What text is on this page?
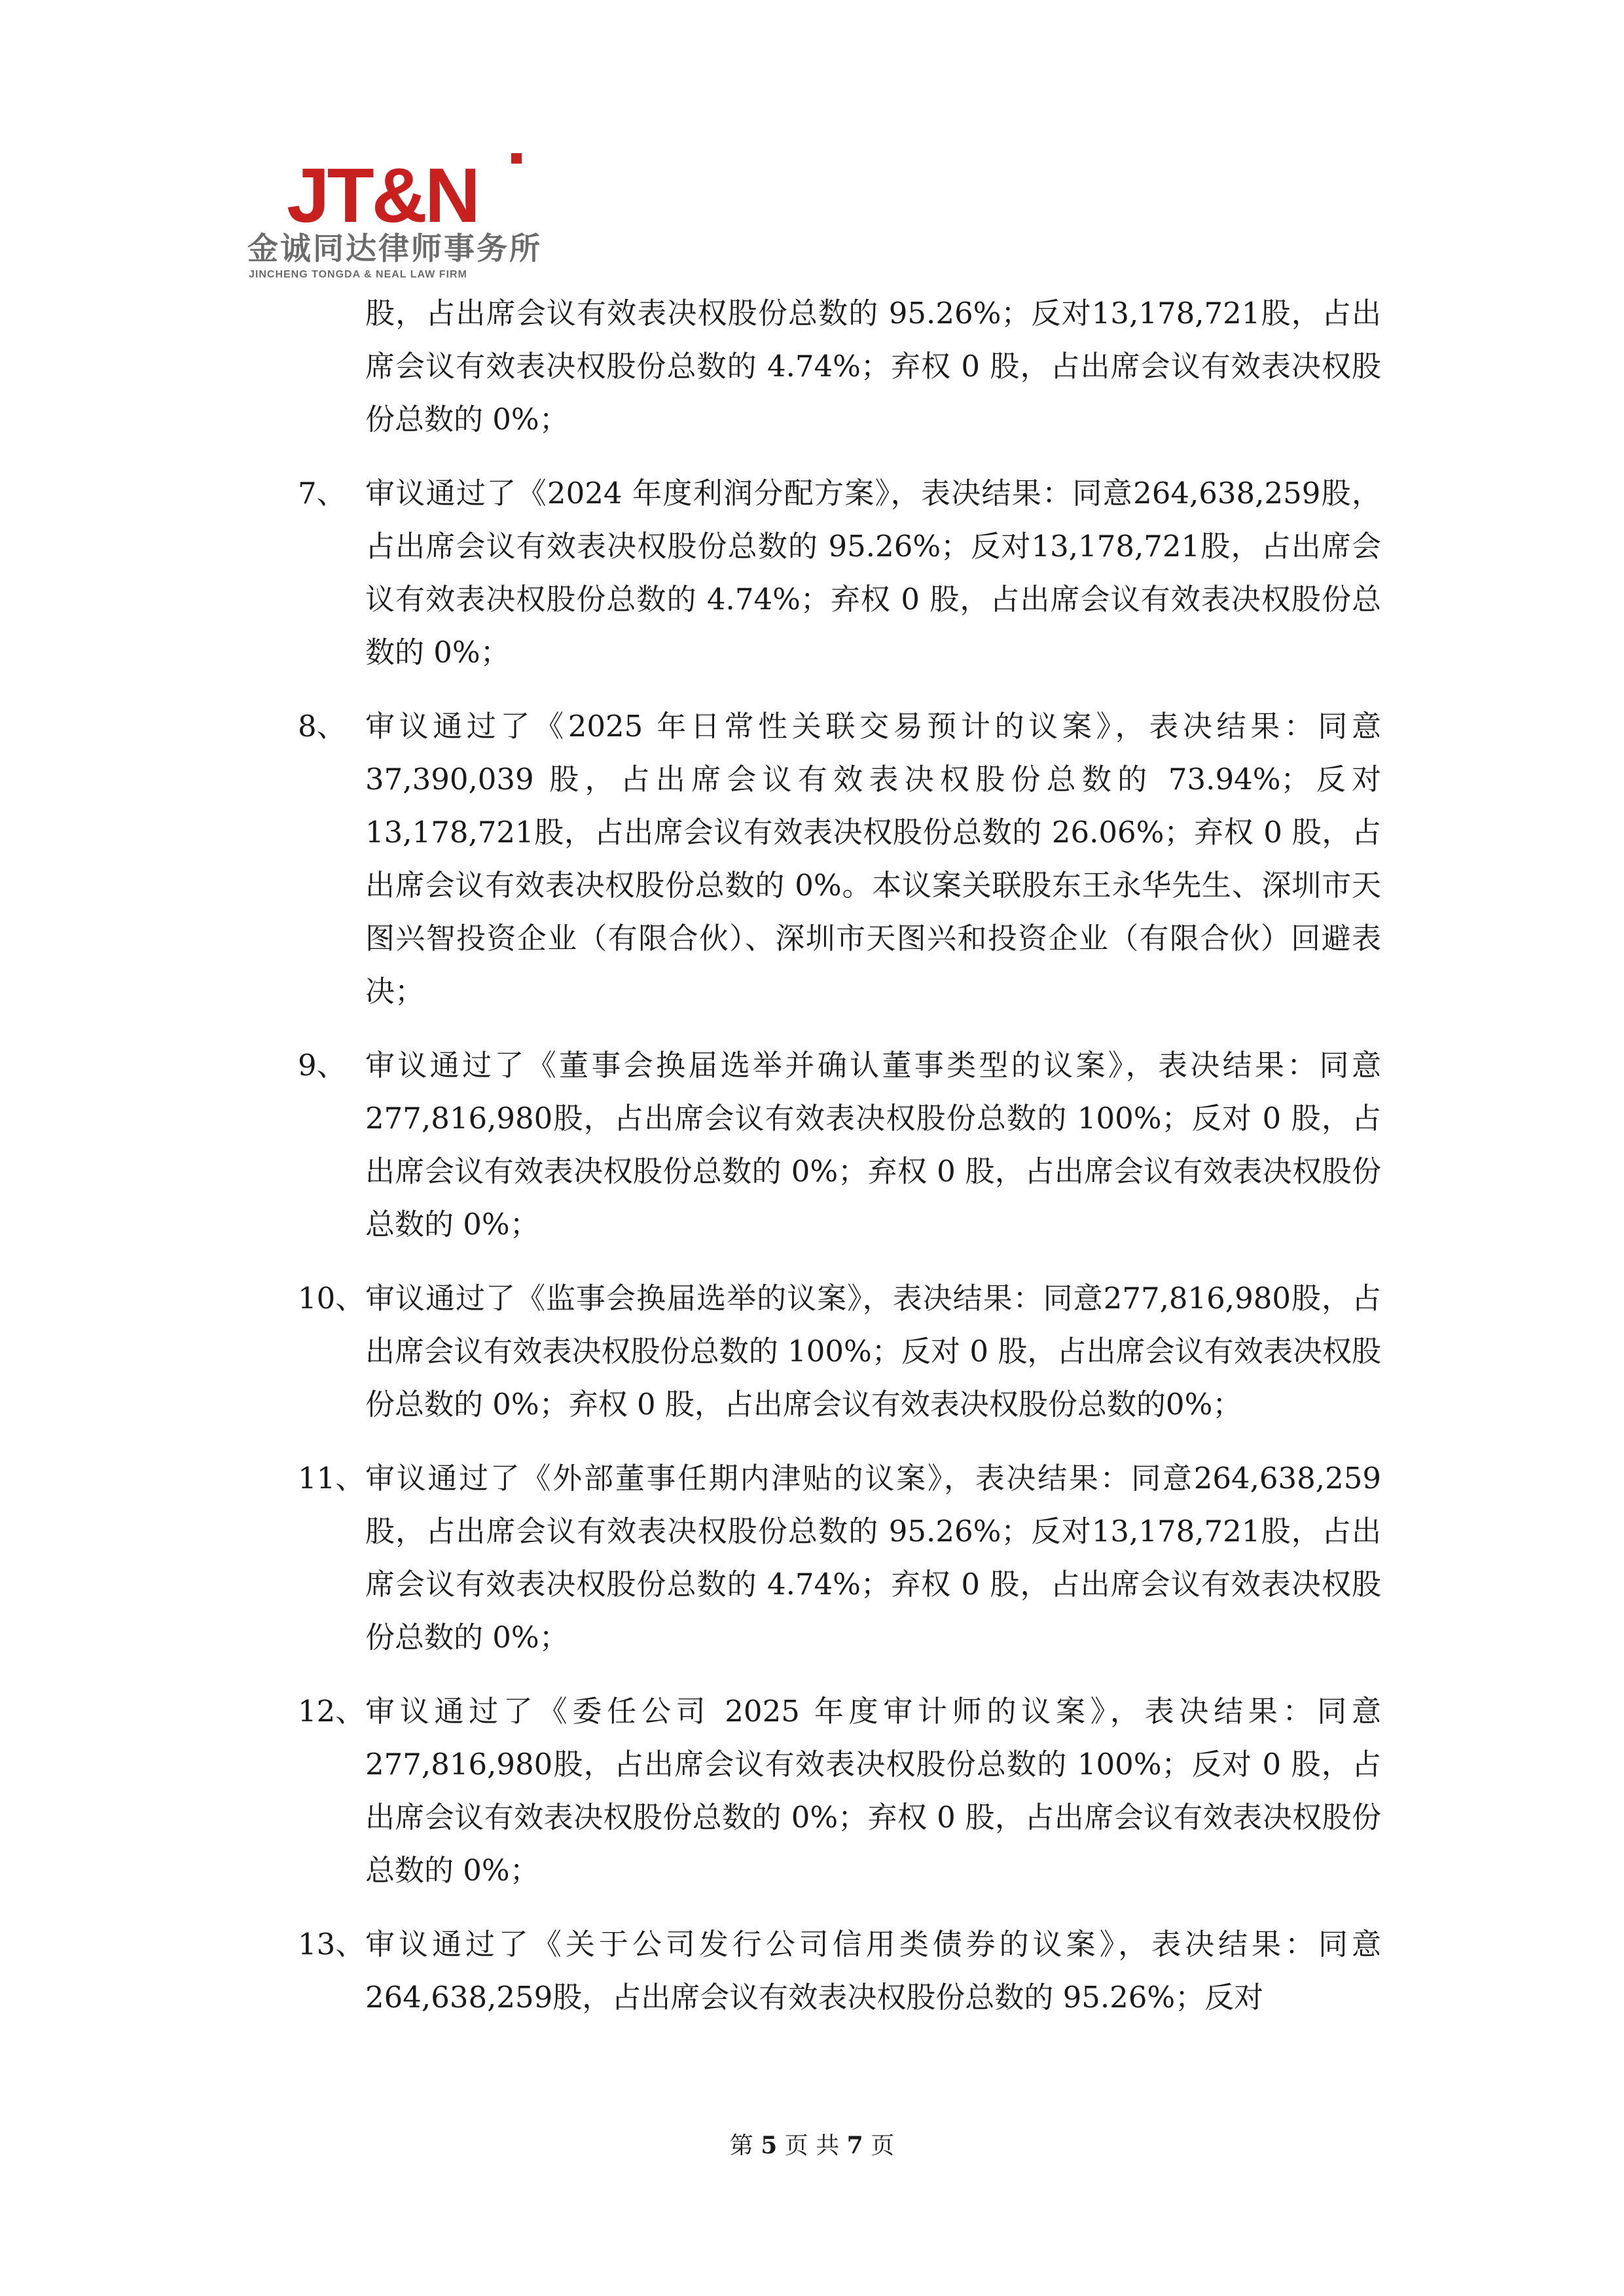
JT&N
金诚同达律师事务所
JINCHENG TONGDA & NEAL LAW FIRM

股，占出席会议有效表决权股份总数的 95.26%；反对13,178,721股，占出席会议有效表决权股份总数的 4.74%；弃权 0 股，占出席会议有效表决权股份总数的 0%；

7、 审议通过了《2024 年度利润分配方案》，表决结果：同意264,638,259股，占出席会议有效表决权股份总数的 95.26%；反对13,178,721股，占出席会议有效表决权股份总数的 4.74%；弃权 0 股，占出席会议有效表决权股份总数的 0%；

8、 审议通过了《2025 年日常性关联交易预计的议案》，表决结果：同意37,390,039 股，占出席会议有效表决权股份总数的 73.94%；反对13,178,721股，占出席会议有效表决权股份总数的 26.06%；弃权 0 股，占出席会议有效表决权股份总数的 0%。本议案关联股东王永华先生、深圳市天图兴智投资企业（有限合伙）、深圳市天图兴和投资企业（有限合伙）回避表决；

9、 审议通过了《董事会换届选举并确认董事类型的议案》，表决结果：同意277,816,980股，占出席会议有效表决权股份总数的 100%；反对 0 股，占出席会议有效表决权股份总数的 0%；弃权 0 股，占出席会议有效表决权股份总数的 0%；

10、 审议通过了《监事会换届选举的议案》，表决结果：同意277,816,980股，占出席会议有效表决权股份总数的 100%；反对 0 股，占出席会议有效表决权股份总数的 0%；弃权 0 股，占出席会议有效表决权股份总数的0%；

11、 审议通过了《外部董事任期内津贴的议案》，表决结果：同意264,638,259股，占出席会议有效表决权股份总数的 95.26%；反对13,178,721股，占出席会议有效表决权股份总数的 4.74%；弃权 0 股，占出席会议有效表决权股份总数的 0%；

12、 审议通过了《委任公司 2025 年度审计师的议案》，表决结果：同意277,816,980股，占出席会议有效表决权股份总数的 100%；反对 0 股，占出席会议有效表决权股份总数的 0%；弃权 0 股，占出席会议有效表决权股份总数的 0%；

13、 审议通过了《关于公司发行公司信用类债券的议案》，表决结果：同意264,638,259股，占出席会议有效表决权股份总数的 95.26%；反对

第 5 页 共 7 页
